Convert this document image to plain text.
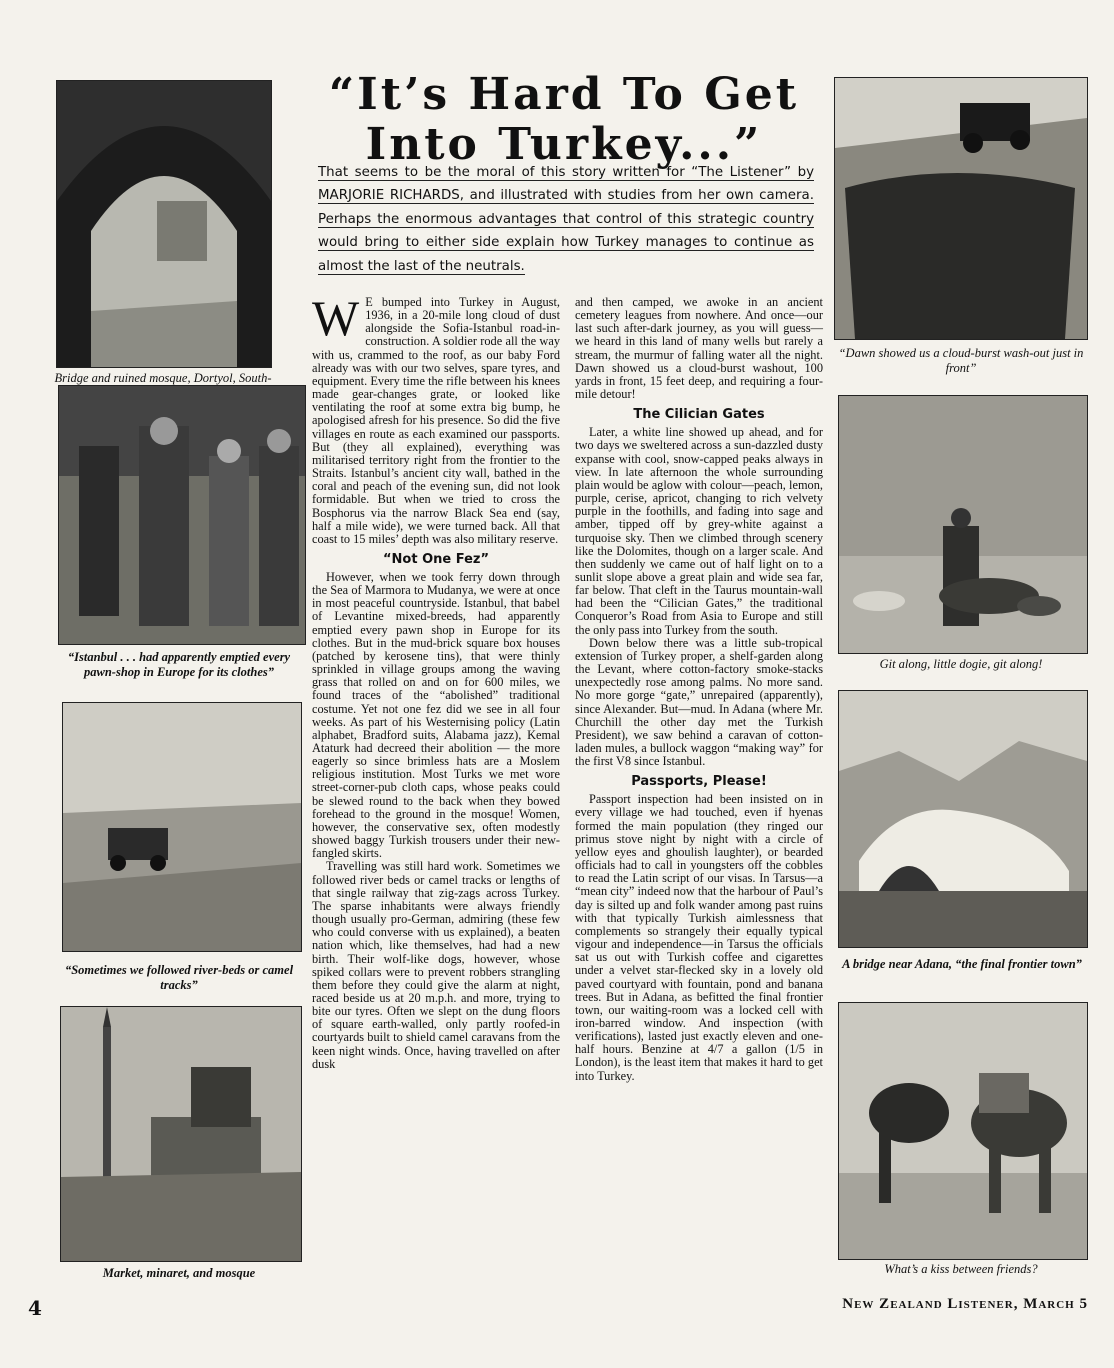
“It’s Hard To Get
Into Turkey...”
That seems to be the moral of this story written for “The Listener” by MARJORIE RICHARDS, and illustrated with studies from her own camera. Perhaps the enormous advantages that control of this strategic country would bring to either side explain how Turkey manages to continue as almost the last of the neutrals.
Bridge and ruined mosque, Dortyol, South-
“Istanbul . . . had apparently emptied every pawn-shop in Europe for its clothes”
“Sometimes we followed river-beds or camel tracks”
Market, minaret, and mosque
“Dawn showed us a cloud-burst wash-out just in front”
Git along, little dogie, git along!
A bridge near Adana, “the final frontier town”
What’s a kiss between friends?

W E bumped into Turkey in August, 1936, in a 20-mile long cloud of dust alongside the Sofia-Istanbul road-in-construction. A soldier rode all the way with us, crammed to the roof, as our baby Ford already was with our two selves, spare tyres, and equipment. Every time the rifle between his knees made gear-changes grate, or looked like ventilating the roof at some extra big bump, he apologised afresh for his presence. So did the five villages en route as each examined our passports. But (they all explained), everything was militarised territory right from the frontier to the Straits. Istanbul’s ancient city wall, bathed in the coral and peach of the evening sun, did not look formidable. But when we tried to cross the Bosphorus via the narrow Black Sea end (say, half a mile wide), we were turned back. All that coast to 15 miles’ depth was also military reserve.

“Not One Fez”

However, when we took ferry down through the Sea of Marmora to Mudanya, we were at once in most peaceful countryside. Istanbul, that babel of Levantine mixed-breeds, had apparently emptied every pawn shop in Europe for its clothes. But in the mud-brick square box houses (patched by kerosene tins), that were thinly sprinkled in village groups among the waving grass that rolled on and on for 600 miles, we found traces of the “abolished” traditional costume. Yet not one fez did we see in all four weeks. As part of his Westernising policy (Latin alphabet, Bradford suits, Alabama jazz), Kemal Ataturk had decreed their abolition — the more eagerly so since brimless hats are a Moslem religious institution. Most Turks we met wore street-corner-pub cloth caps, whose peaks could be slewed round to the back when they bowed forehead to the ground in the mosque! Women, however, the conservative sex, often modestly showed baggy Turkish trousers under their new-fangled skirts.

Travelling was still hard work. Sometimes we followed river beds or camel tracks or lengths of that single railway that zig-zags across Turkey. The sparse inhabitants were always friendly though usually pro-German, admiring (these few who could converse with us explained), a beaten nation which, like themselves, had had a new birth. Their wolf-like dogs, however, whose spiked collars were to prevent robbers strangling them before they could give the alarm at night, raced beside us at 20 m.p.h. and more, trying to bite our tyres. Often we slept on the dung floors of square earth-walled, only partly roofed-in courtyards built to shield camel caravans from the keen night winds. Once, having travelled on after dusk

and then camped, we awoke in an ancient cemetery leagues from nowhere. And once—our last such after-dark journey, as you will guess—we heard in this land of many wells but rarely a stream, the murmur of falling water all the night. Dawn showed us a cloud-burst washout, 100 yards in front, 15 feet deep, and requiring a four-mile detour!

The Cilician Gates

Later, a white line showed up ahead, and for two days we sweltered across a sun-dazzled dusty expanse with cool, snow-capped peaks always in view. In late afternoon the whole surrounding plain would be aglow with colour—peach, lemon, purple, cerise, apricot, changing to rich velvety purple in the foothills, and fading into sage and amber, tipped off by grey-white against a turquoise sky. Then we climbed through scenery like the Dolomites, though on a larger scale. And then suddenly we came out of half light on to a sunlit slope above a great plain and wide sea far, far below. That cleft in the Taurus mountain-wall had been the “Cilician Gates,” the traditional Conqueror’s Road from Asia to Europe and still the only pass into Turkey from the south.

Down below there was a little sub-tropical extension of Turkey proper, a shelf-garden along the Levant, where cotton-factory smoke-stacks unexpectedly rose among palms. No more sand. No more gorge “gate,” unrepaired (apparently), since Alexander. But—mud. In Adana (where Mr. Churchill the other day met the Turkish President), we saw behind a caravan of cotton-laden mules, a bullock waggon “making way” for the first V8 since Istanbul.

Passports, Please!

Passport inspection had been insisted on in every village we had touched, even if hyenas formed the main population (they ringed our primus stove night by night with a circle of yellow eyes and ghoulish laughter), or bearded officials had to call in youngsters off the cobbles to read the Latin script of our visas. In Tarsus—a “mean city” indeed now that the harbour of Paul’s day is silted up and folk wander among past ruins with that typically Turkish aimlessness that complements so strangely their equally typical vigour and independence—in Tarsus the officials sat us out with Turkish coffee and cigarettes under a velvet star-flecked sky in a lovely old paved courtyard with fountain, pond and banana trees. But in Adana, as befitted the final frontier town, our waiting-room was a locked cell with iron-barred window. And inspection (with verifications), lasted just exactly eleven and one-half hours. Benzine at 4/7 a gallon (1/5 in London), is the least item that makes it hard to get into Turkey.

4	New Zealand Listener, March 5
